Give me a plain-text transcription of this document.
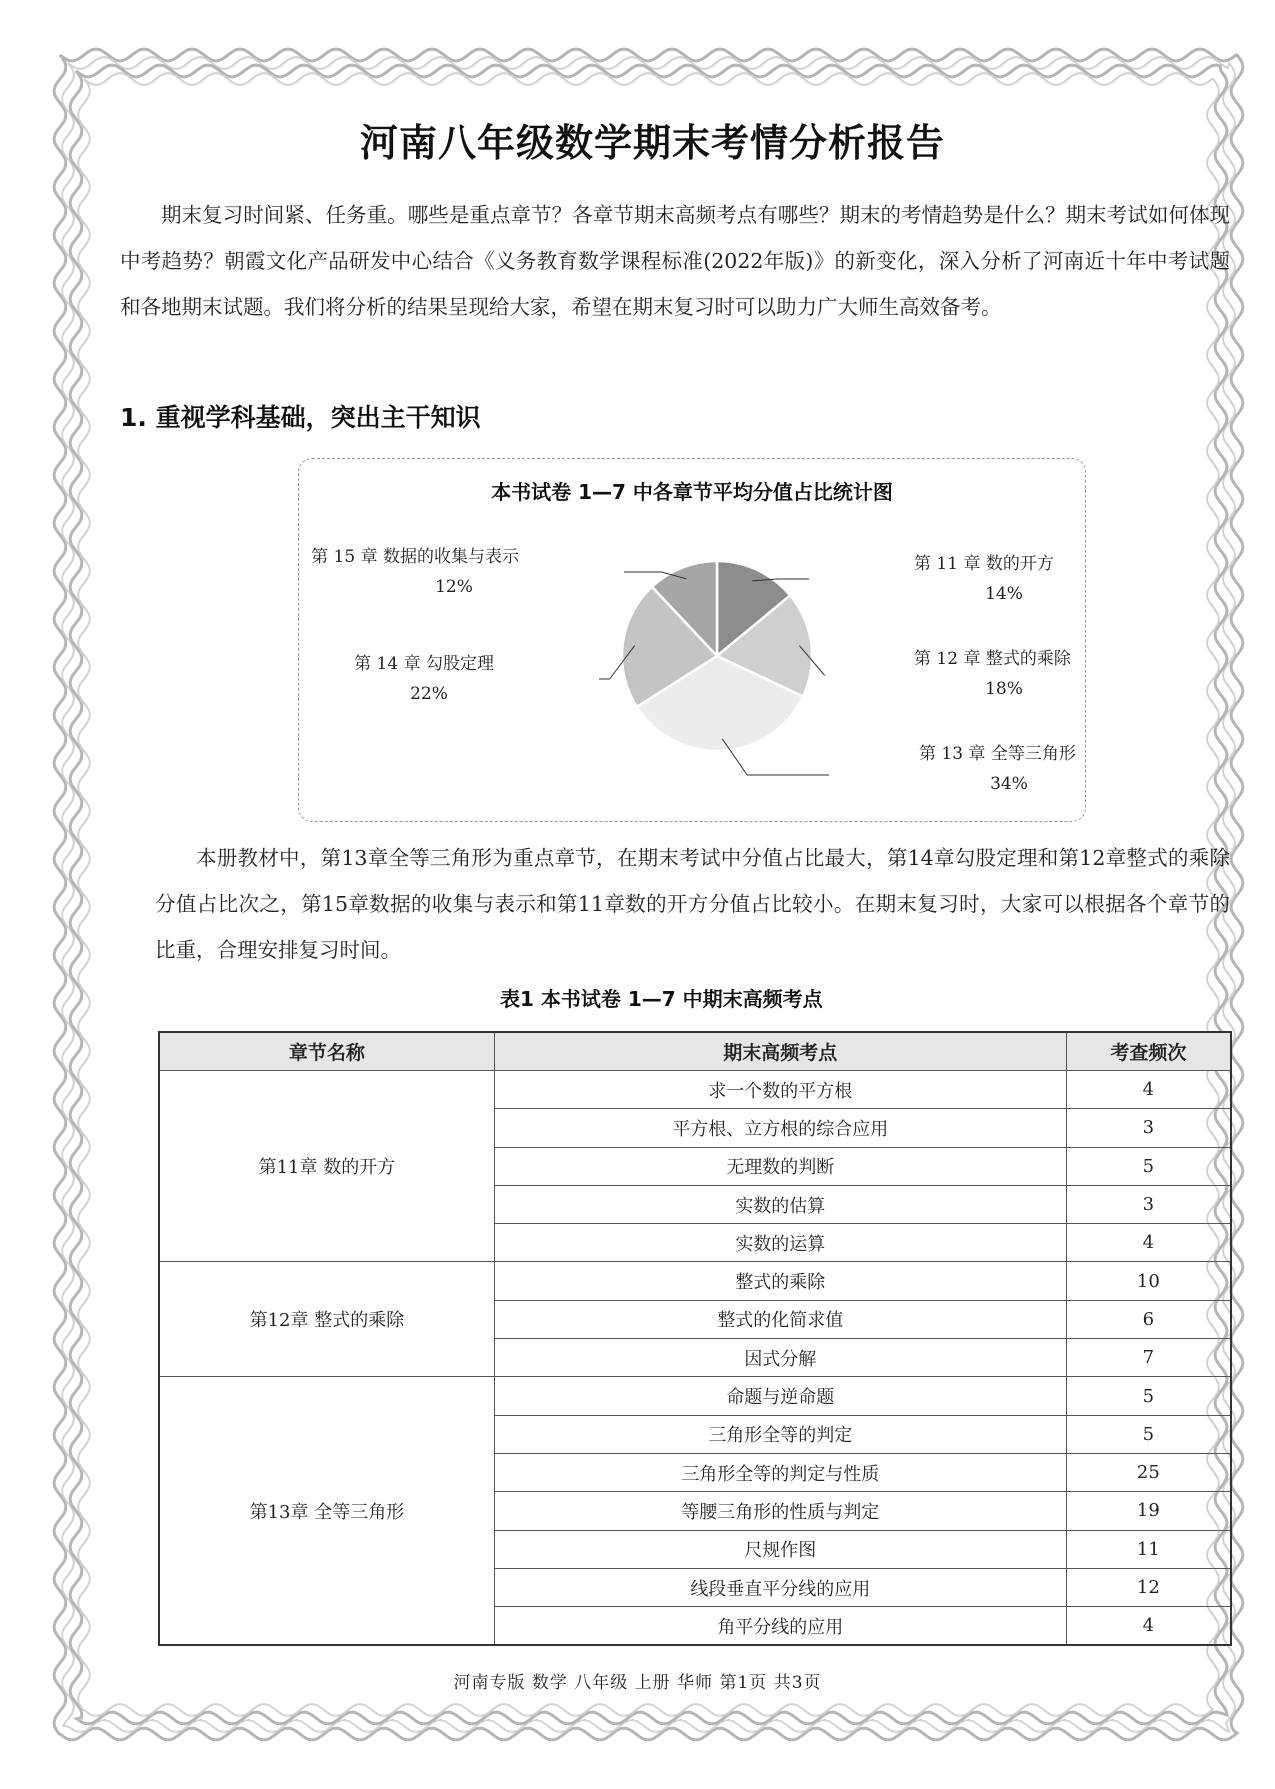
河南八年级数学期末考情分析报告
期末复习时间紧、任务重。哪些是重点章节？各章节期末高频考点有哪些？期末的考情趋势是什么？期末考试如何体现中考趋势？朝霞文化产品研发中心结合《义务教育数学课程标准(2022年版)》的新变化，深入分析了河南近十年中考试题和各地期末试题。我们将分析的结果呈现给大家，希望在期末复习时可以助力广大师生高效备考。
1. 重视学科基础，突出主干知识
本书试卷 1—7 中各章节平均分值占比统计图
第 11 章 数的开方
14%
第 12 章 整式的乘除
18%
第 13 章 全等三角形
34%
第 14 章 勾股定理
22%
第 15 章 数据的收集与表示
12%
本册教材中，第13章全等三角形为重点章节，在期末考试中分值占比最大，第14章勾股定理和第12章整式的乘除分值占比次之，第15章数据的收集与表示和第11章数的开方分值占比较小。在期末复习时，大家可以根据各个章节的比重，合理安排复习时间。
表1 本书试卷 1—7 中期末高频考点
章节名称	期末高频考点	考查频次
第11章 数的开方	求一个数的平方根	4
	平方根、立方根的综合应用	3
	无理数的判断	5
	实数的估算	3
	实数的运算	4
第12章 整式的乘除	整式的乘除	10
	整式的化简求值	6
	因式分解	7
第13章 全等三角形	命题与逆命题	5
	三角形全等的判定	5
	三角形全等的判定与性质	25
	等腰三角形的性质与判定	19
	尺规作图	11
	线段垂直平分线的应用	12
	角平分线的应用	4
河南专版 数学 八年级 上册 华师 第1页 共3页
